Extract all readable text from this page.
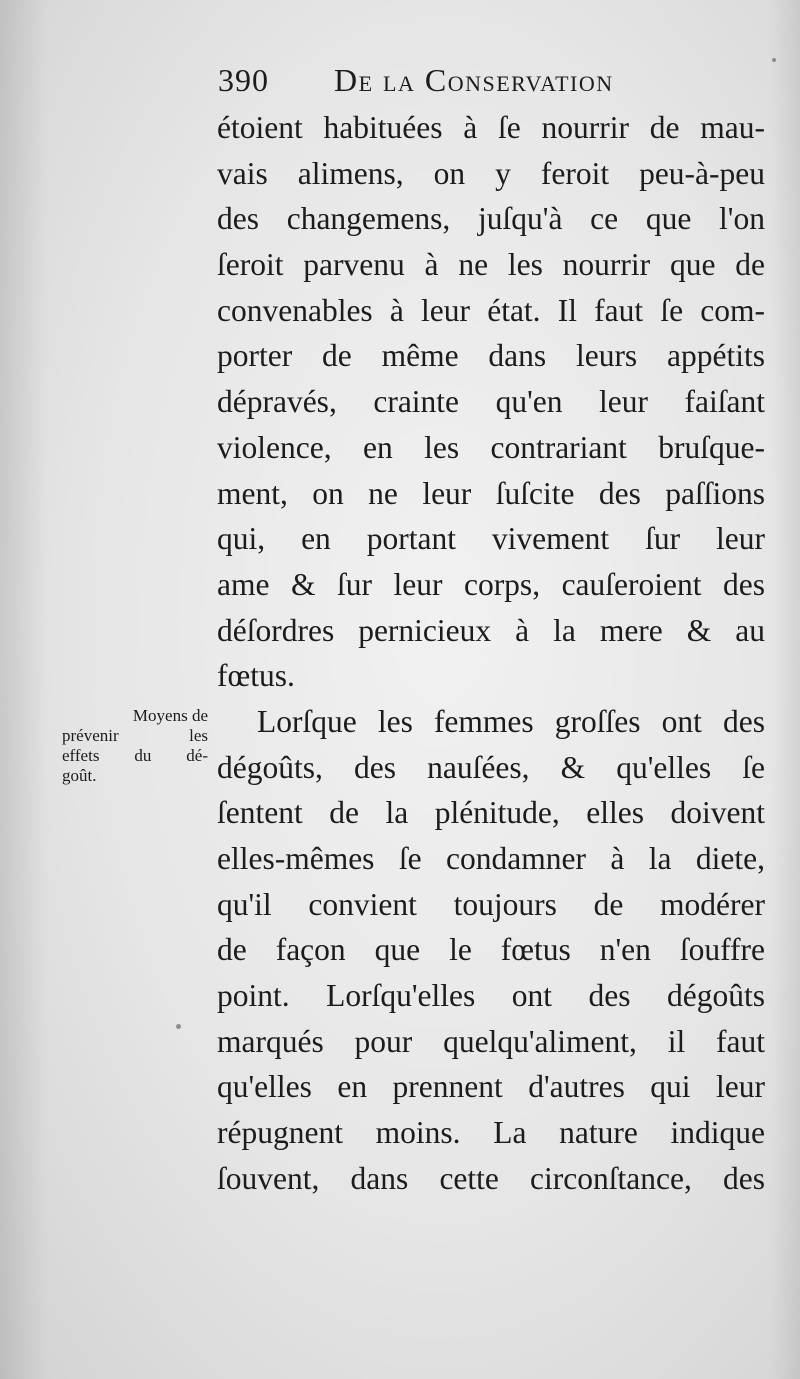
390 De la Conservation
Moyens de
prévenir les
effets du dé-
goût.
étoient habituées à ſe nourrir de mau-
vais alimens, on y feroit peu-à-peu
des changemens, juſqu'à ce que l'on
ſeroit parvenu à ne les nourrir que de
convenables à leur état. Il faut ſe com-
porter de même dans leurs appétits
dépravés, crainte qu'en leur faiſant
violence, en les contrariant bruſque-
ment, on ne leur ſuſcite des paſſions
qui, en portant vivement ſur leur
ame & ſur leur corps, cauſeroient des
déſordres pernicieux à la mere & au
fœtus.
Lorſque les femmes groſſes ont des
dégoûts, des nauſées, & qu'elles ſe
ſentent de la plénitude, elles doivent
elles-mêmes ſe condamner à la diete,
qu'il convient toujours de modérer
de façon que le fœtus n'en ſouffre
point. Lorſqu'elles ont des dégoûts
marqués pour quelqu'aliment, il faut
qu'elles en prennent d'autres qui leur
répugnent moins. La nature indique
ſouvent, dans cette circonſtance, des
